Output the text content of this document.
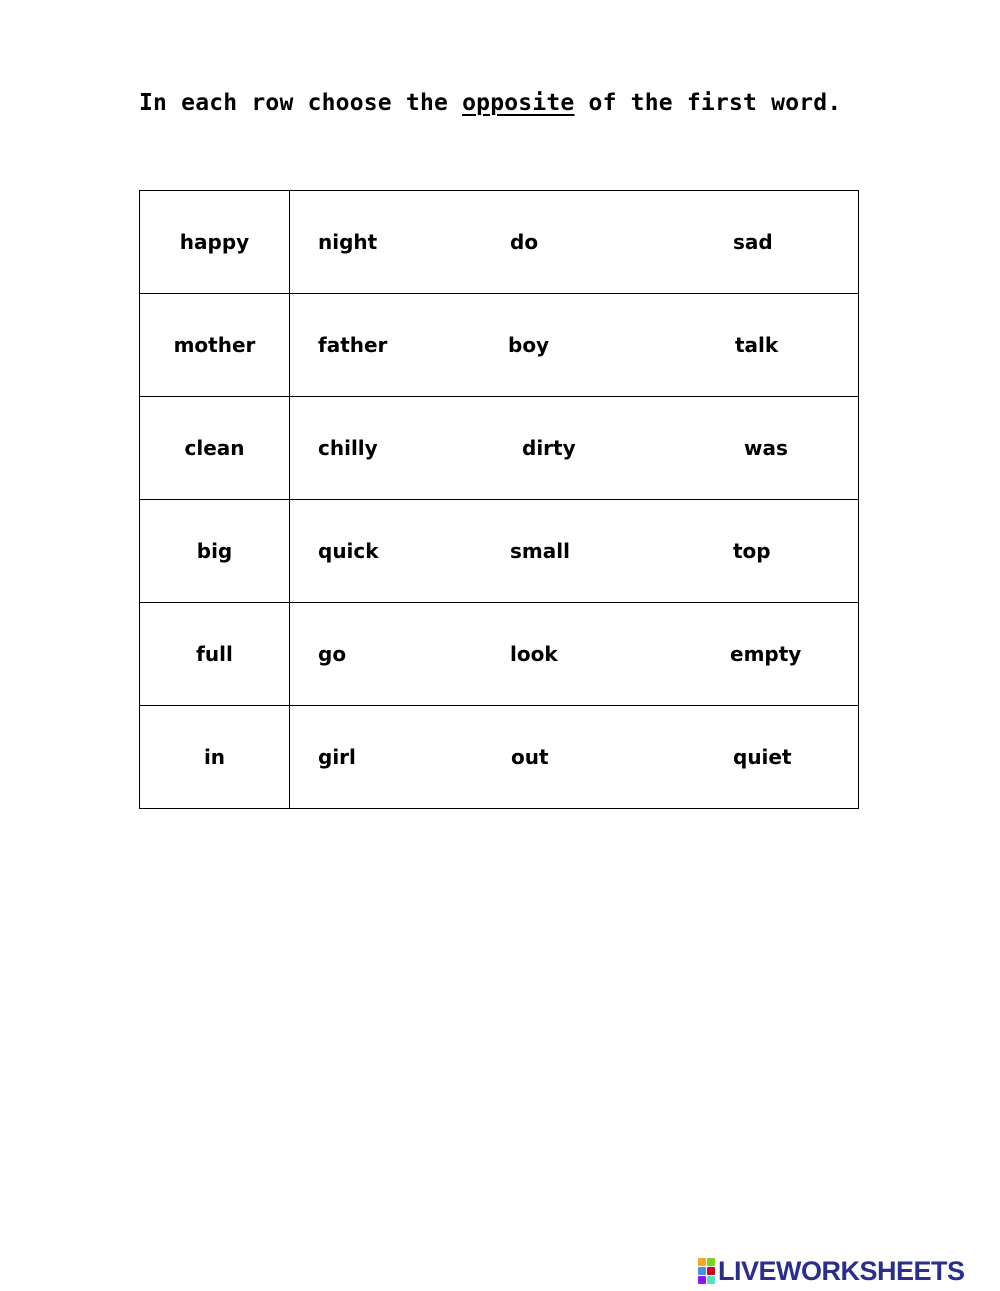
In each row choose the opposite of the first word.
happy	night do sad

mother	father boy talk

clean	chilly dirty was

big	quick small top

full	go look empty

in	girl out quiet
LIVEWORKSHEETS
